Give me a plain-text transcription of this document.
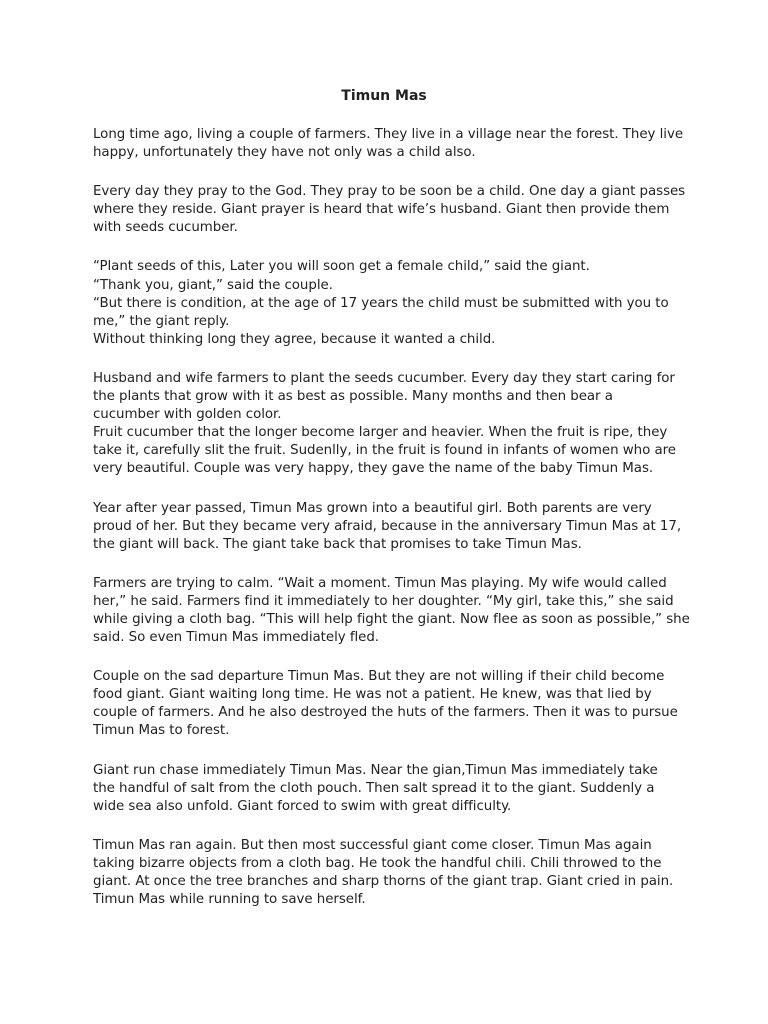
Timun Mas
Long time ago, living a couple of farmers. They live in a village near the forest. They live
happy, unfortunately they have not only was a child also.
Every day they pray to the God. They pray to be soon be a child. One day a giant passes
where they reside. Giant prayer is heard that wife’s husband. Giant then provide them
with seeds cucumber.
“Plant seeds of this, Later you will soon get a female child,” said the giant.
“Thank you, giant,” said the couple.
“But there is condition, at the age of 17 years the child must be submitted with you to
me,” the giant reply.
Without thinking long they agree, because it wanted a child.
Husband and wife farmers to plant the seeds cucumber. Every day they start caring for
the plants that grow with it as best as possible. Many months and then bear a
cucumber with golden color.
Fruit cucumber that the longer become larger and heavier. When the fruit is ripe, they
take it, carefully slit the fruit. Sudenlly, in the fruit is found in infants of women who are
very beautiful. Couple was very happy, they gave the name of the baby Timun Mas.
Year after year passed, Timun Mas grown into a beautiful girl. Both parents are very
proud of her. But they became very afraid, because in the anniversary Timun Mas at 17,
the giant will back. The giant take back that promises to take Timun Mas.
Farmers are trying to calm. “Wait a moment. Timun Mas playing. My wife would called
her,” he said. Farmers find it immediately to her doughter. “My girl, take this,” she said
while giving a cloth bag. “This will help fight the giant. Now flee as soon as possible,” she
said. So even Timun Mas immediately fled.
Couple on the sad departure Timun Mas. But they are not willing if their child become
food giant. Giant waiting long time. He was not a patient. He knew, was that lied by
couple of farmers. And he also destroyed the huts of the farmers. Then it was to pursue
Timun Mas to forest.
Giant run chase immediately Timun Mas. Near the gian,Timun Mas immediately take
the handful of salt from the cloth pouch. Then salt spread it to the giant. Suddenly a
wide sea also unfold. Giant forced to swim with great difficulty.
Timun Mas ran again. But then most successful giant come closer. Timun Mas again
taking bizarre objects from a cloth bag. He took the handful chili. Chili throwed to the
giant. At once the tree branches and sharp thorns of the giant trap. Giant cried in pain.
Timun Mas while running to save herself.
